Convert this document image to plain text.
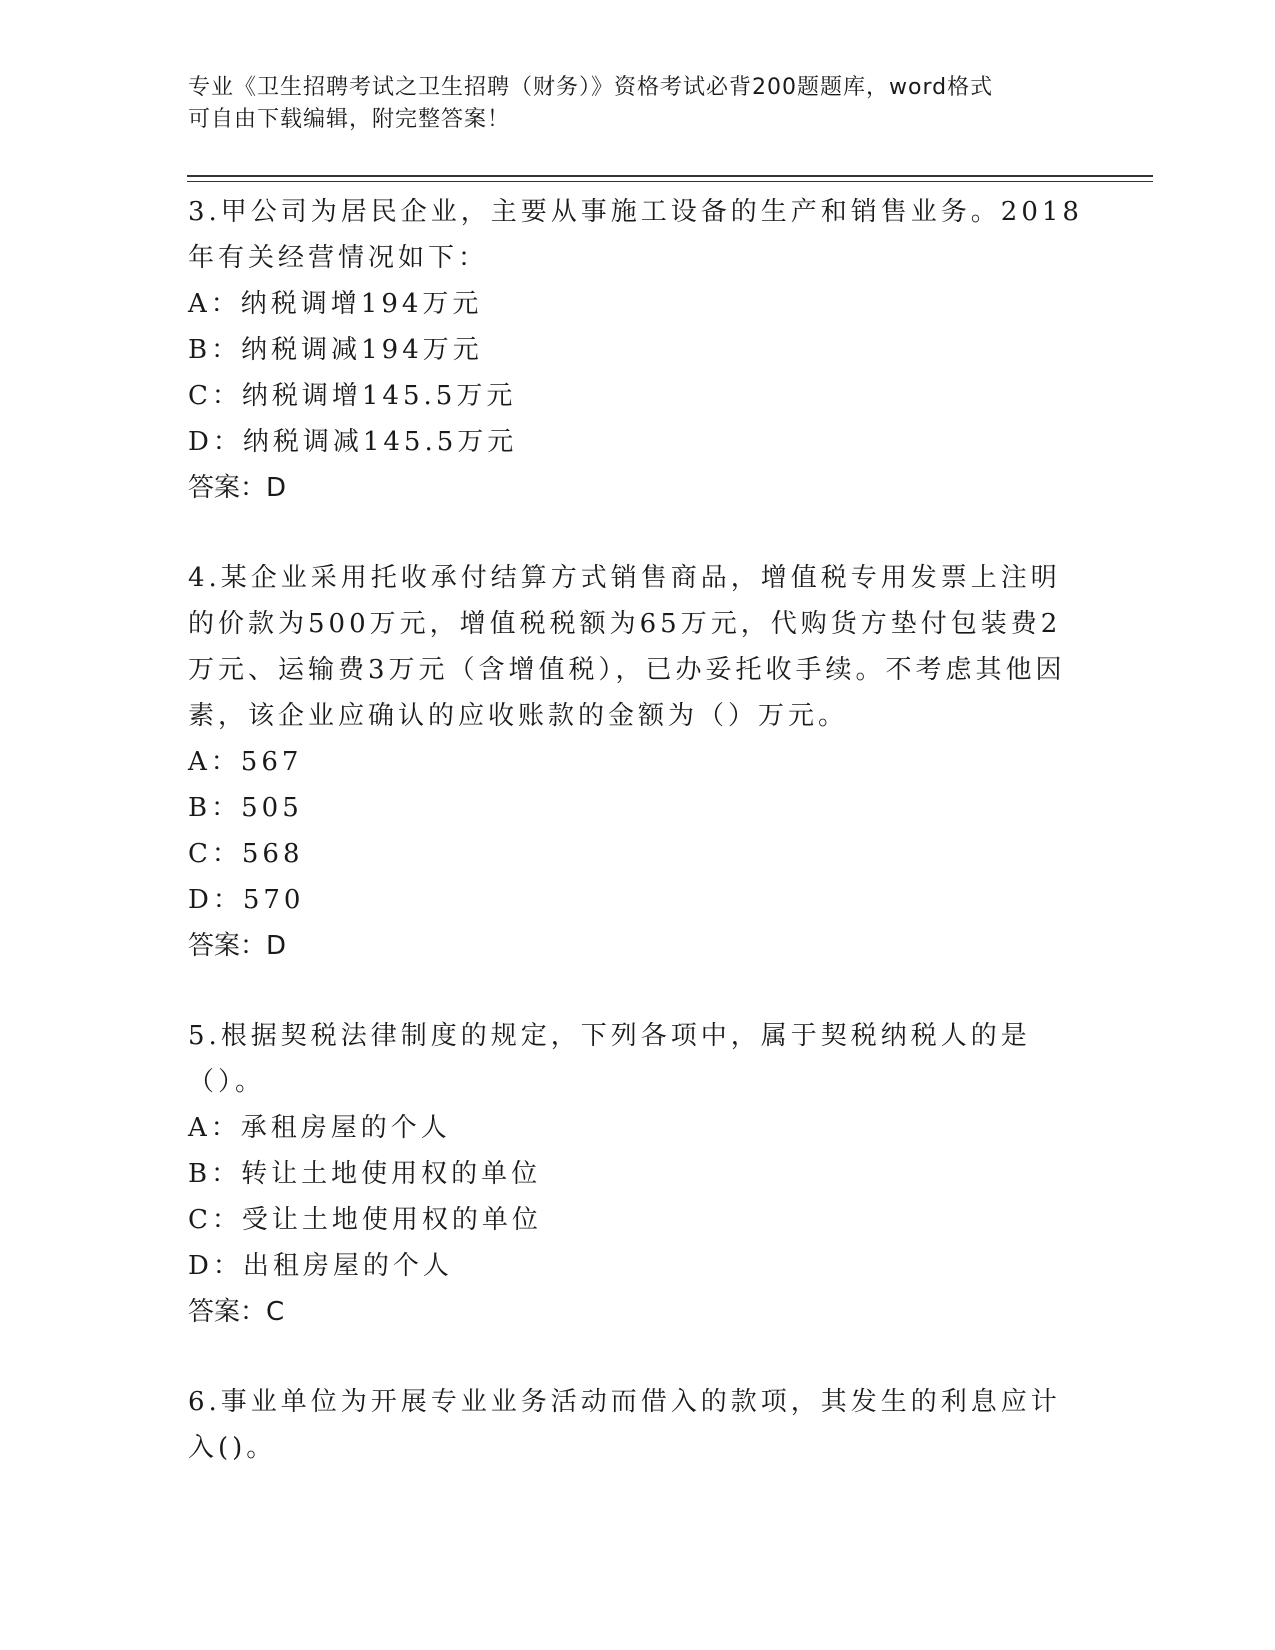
专业《卫生招聘考试之卫生招聘（财务）》资格考试必背200题题库，word格式
可自由下载编辑，附完整答案！

3.甲公司为居民企业，主要从事施工设备的生产和销售业务。2018年有关经营情况如下：

A：纳税调增194万元

B：纳税调减194万元

C：纳税调增145.5万元

D：纳税调减145.5万元

答案：D

4.某企业采用托收承付结算方式销售商品，增值税专用发票上注明的价款为500万元，增值税税额为65万元，代购货方垫付包装费2万元、运输费3万元（含增值税），已办妥托收手续。不考虑其他因素，该企业应确认的应收账款的金额为（）万元。

A：567

B：505

C：568

D：570

答案：D

5.根据契税法律制度的规定，下列各项中，属于契税纳税人的是（）。

A：承租房屋的个人

B：转让土地使用权的单位

C：受让土地使用权的单位

D：出租房屋的个人

答案：C

6.事业单位为开展专业业务活动而借入的款项，其发生的利息应计入()。
